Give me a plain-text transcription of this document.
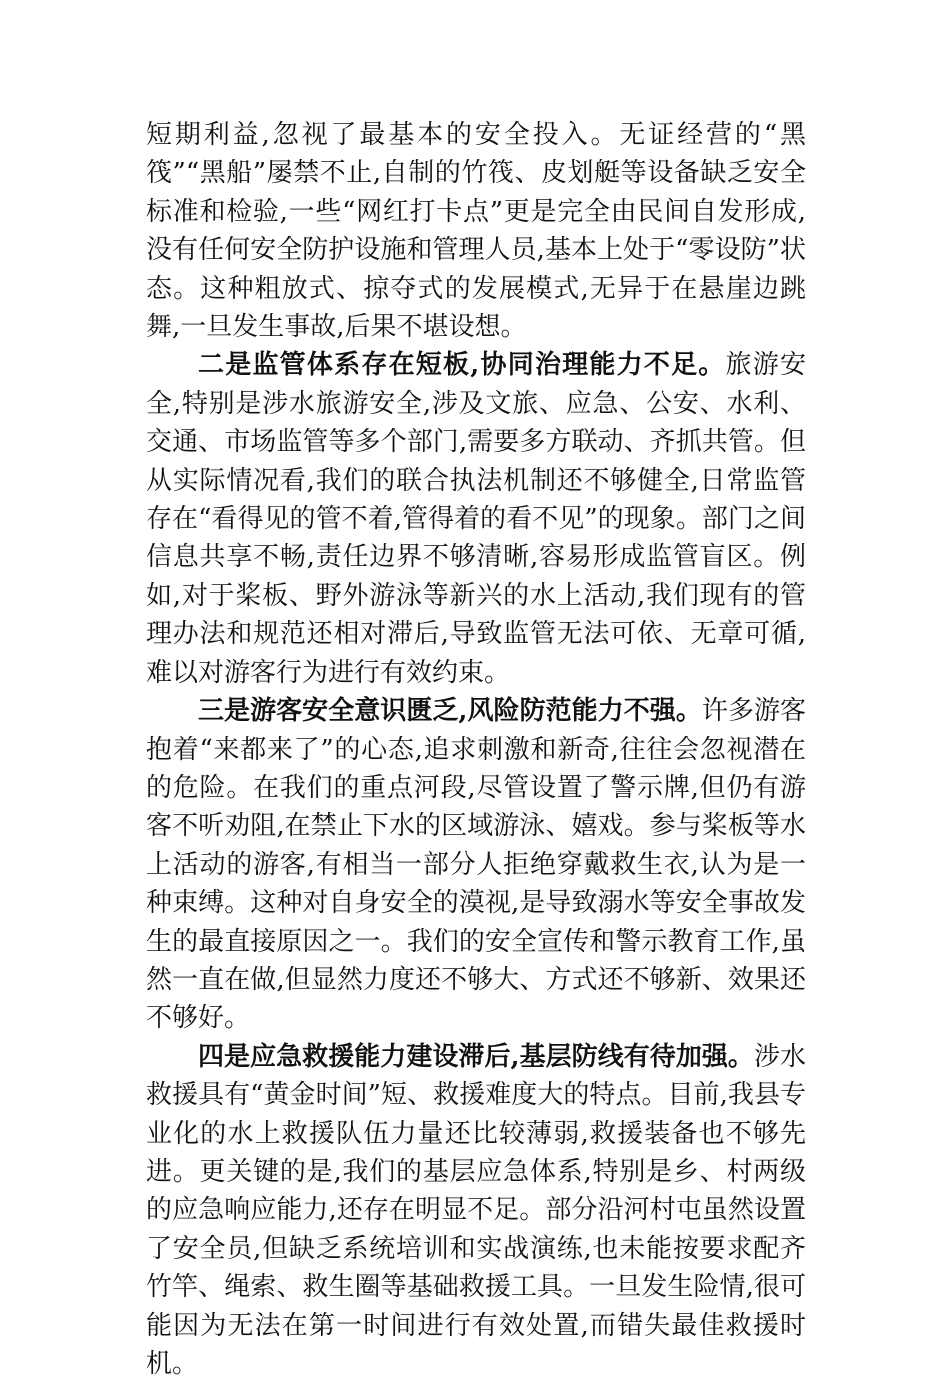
短期利益,忽视了最基本的安全投入。无证经营的“黑筏”“黑船”屡禁不止,自制的竹筏、皮划艇等设备缺乏安全标准和检验,一些“网红打卡点”更是完全由民间自发形成,没有任何安全防护设施和管理人员,基本上处于“零设防”状态。这种粗放式、掠夺式的发展模式,无异于在悬崖边跳舞,一旦发生事故,后果不堪设想。

二是监管体系存在短板,协同治理能力不足。旅游安全,特别是涉水旅游安全,涉及文旅、应急、公安、水利、交通、市场监管等多个部门,需要多方联动、齐抓共管。但从实际情况看,我们的联合执法机制还不够健全,日常监管存在“看得见的管不着,管得着的看不见”的现象。部门之间信息共享不畅,责任边界不够清晰,容易形成监管盲区。例如,对于桨板、野外游泳等新兴的水上活动,我们现有的管理办法和规范还相对滞后,导致监管无法可依、无章可循,难以对游客行为进行有效约束。

三是游客安全意识匮乏,风险防范能力不强。许多游客抱着“来都来了”的心态,追求刺激和新奇,往往会忽视潜在的危险。在我们的重点河段,尽管设置了警示牌,但仍有游客不听劝阻,在禁止下水的区域游泳、嬉戏。参与桨板等水上活动的游客,有相当一部分人拒绝穿戴救生衣,认为是一种束缚。这种对自身安全的漠视,是导致溺水等安全事故发生的最直接原因之一。我们的安全宣传和警示教育工作,虽然一直在做,但显然力度还不够大、方式还不够新、效果还不够好。

四是应急救援能力建设滞后,基层防线有待加强。涉水救援具有“黄金时间”短、救援难度大的特点。目前,我县专业化的水上救援队伍力量还比较薄弱,救援装备也不够先进。更关键的是,我们的基层应急体系,特别是乡、村两级的应急响应能力,还存在明显不足。部分沿河村屯虽然设置了安全员,但缺乏系统培训和实战演练,也未能按要求配齐竹竿、绳索、救生圈等基础救援工具。一旦发生险情,很可能因为无法在第一时间进行有效处置,而错失最佳救援时机。
